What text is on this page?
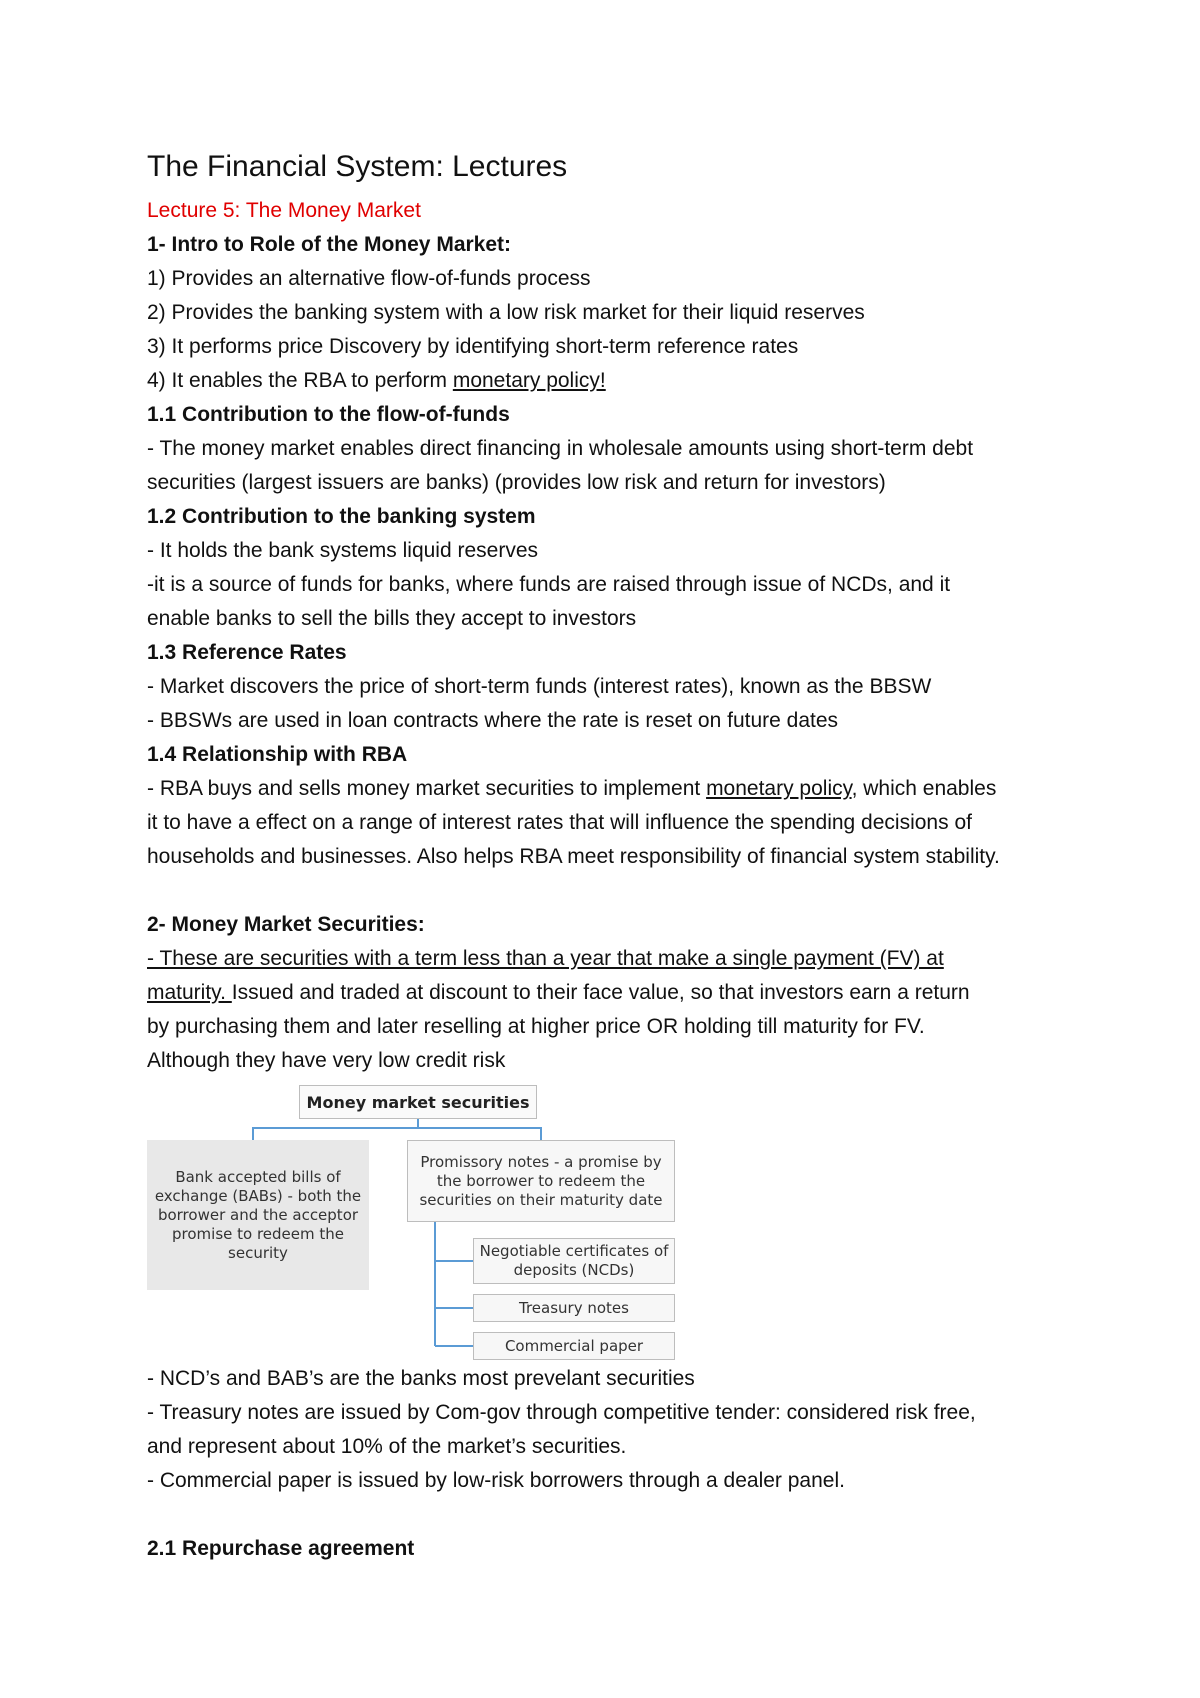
The Financial System: Lectures
Lecture 5: The Money Market
1- Intro to Role of the Money Market:
1) Provides an alternative flow-of-funds process
2) Provides the banking system with a low risk market for their liquid reserves
3) It performs price Discovery by identifying short-term reference rates
4) It enables the RBA to perform monetary policy!
1.1 Contribution to the flow-of-funds
- The money market enables direct financing in wholesale amounts using short-term debt
securities (largest issuers are banks) (provides low risk and return for investors)
1.2 Contribution to the banking system
- It holds the bank systems liquid reserves
-it is a source of funds for banks, where funds are raised through issue of NCDs, and it
enable banks to sell the bills they accept to investors
1.3 Reference Rates
- Market discovers the price of short-term funds (interest rates), known as the BBSW
- BBSWs are used in loan contracts where the rate is reset on future dates
1.4 Relationship with RBA
- RBA buys and sells money market securities to implement monetary policy, which enables
it to have a effect on a range of interest rates that will influence the spending decisions of
households and businesses. Also helps RBA meet responsibility of financial system stability.
2- Money Market Securities:
- These are securities with a term less than a year that make a single payment (FV) at
maturity. Issued and traded at discount to their face value, so that investors earn a return
by purchasing them and later reselling at higher price OR holding till maturity for FV.
Although they have very low credit risk
Money market securities
Bank accepted bills of exchange (BABs) - both the borrower and the acceptor promise to redeem the security
Promissory notes - a promise by the borrower to redeem the securities on their maturity date
Negotiable certificates of deposits (NCDs)
Treasury notes
Commercial paper
- NCD’s and BAB’s are the banks most prevelant securities
- Treasury notes are issued by Com-gov through competitive tender: considered risk free,
and represent about 10% of the market’s securities.
- Commercial paper is issued by low-risk borrowers through a dealer panel.
2.1 Repurchase agreement
